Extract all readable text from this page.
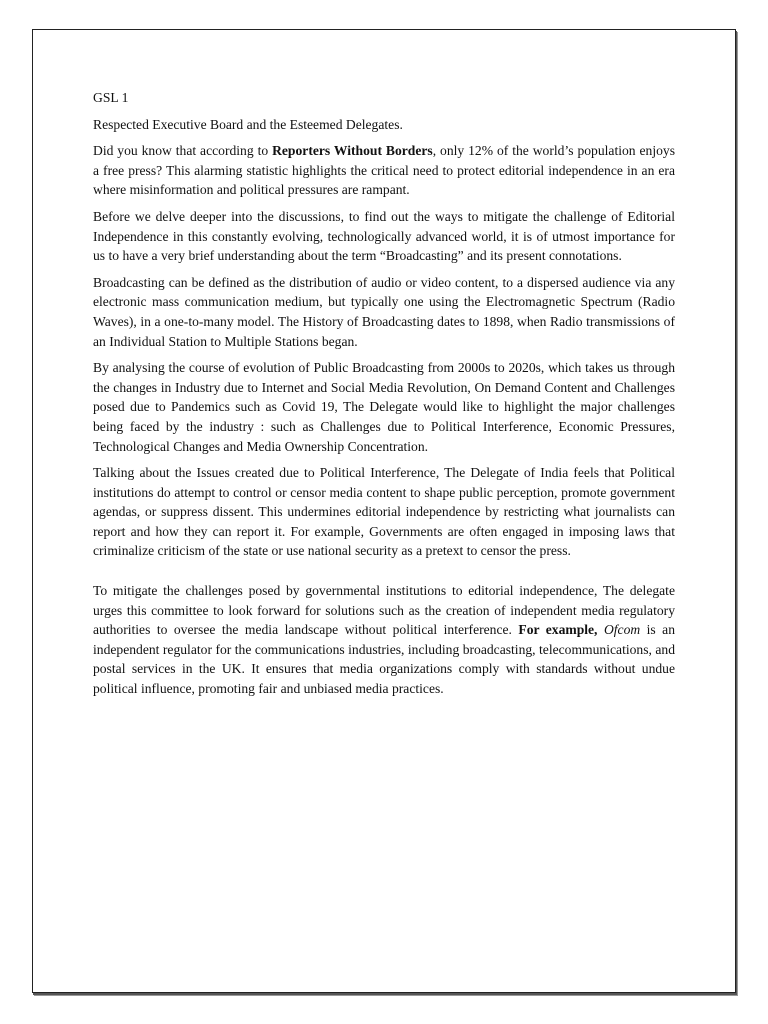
GSL 1

Respected Executive Board and the Esteemed Delegates.

Did you know that according to Reporters Without Borders, only 12% of the world’s population enjoys a free press? This alarming statistic highlights the critical need to protect editorial independence in an era where misinformation and political pressures are rampant.

Before we delve deeper into the discussions, to find out the ways to mitigate the challenge of Editorial Independence in this constantly evolving, technologically advanced world, it is of utmost importance for us to have a very brief understanding about the term “Broadcasting” and its present connotations.

Broadcasting can be defined as the distribution of audio or video content, to a dispersed audience via any electronic mass communication medium, but typically one using the Electromagnetic Spectrum (Radio Waves), in a one-to-many model. The History of Broadcasting dates to 1898, when Radio transmissions of an Individual Station to Multiple Stations began.

By analysing the course of evolution of Public Broadcasting from 2000s to 2020s, which takes us through the changes in Industry due to Internet and Social Media Revolution, On Demand Content and Challenges posed due to Pandemics such as Covid 19, The Delegate would like to highlight the major challenges being faced by the industry : such as Challenges due to Political Interference, Economic Pressures, Technological Changes and Media Ownership Concentration.

Talking about the Issues created due to Political Interference, The Delegate of India feels that Political institutions do attempt to control or censor media content to shape public perception, promote government agendas, or suppress dissent. This undermines editorial independence by restricting what journalists can report and how they can report it. For example, Governments are often engaged in imposing laws that criminalize criticism of the state or use national security as a pretext to censor the press.

To mitigate the challenges posed by governmental institutions to editorial independence, The delegate urges this committee to look forward for solutions such as the creation of independent media regulatory authorities to oversee the media landscape without political interference. For example, Ofcom is an independent regulator for the communications industries, including broadcasting, telecommunications, and postal services in the UK. It ensures that media organizations comply with standards without undue political influence, promoting fair and unbiased media practices.
